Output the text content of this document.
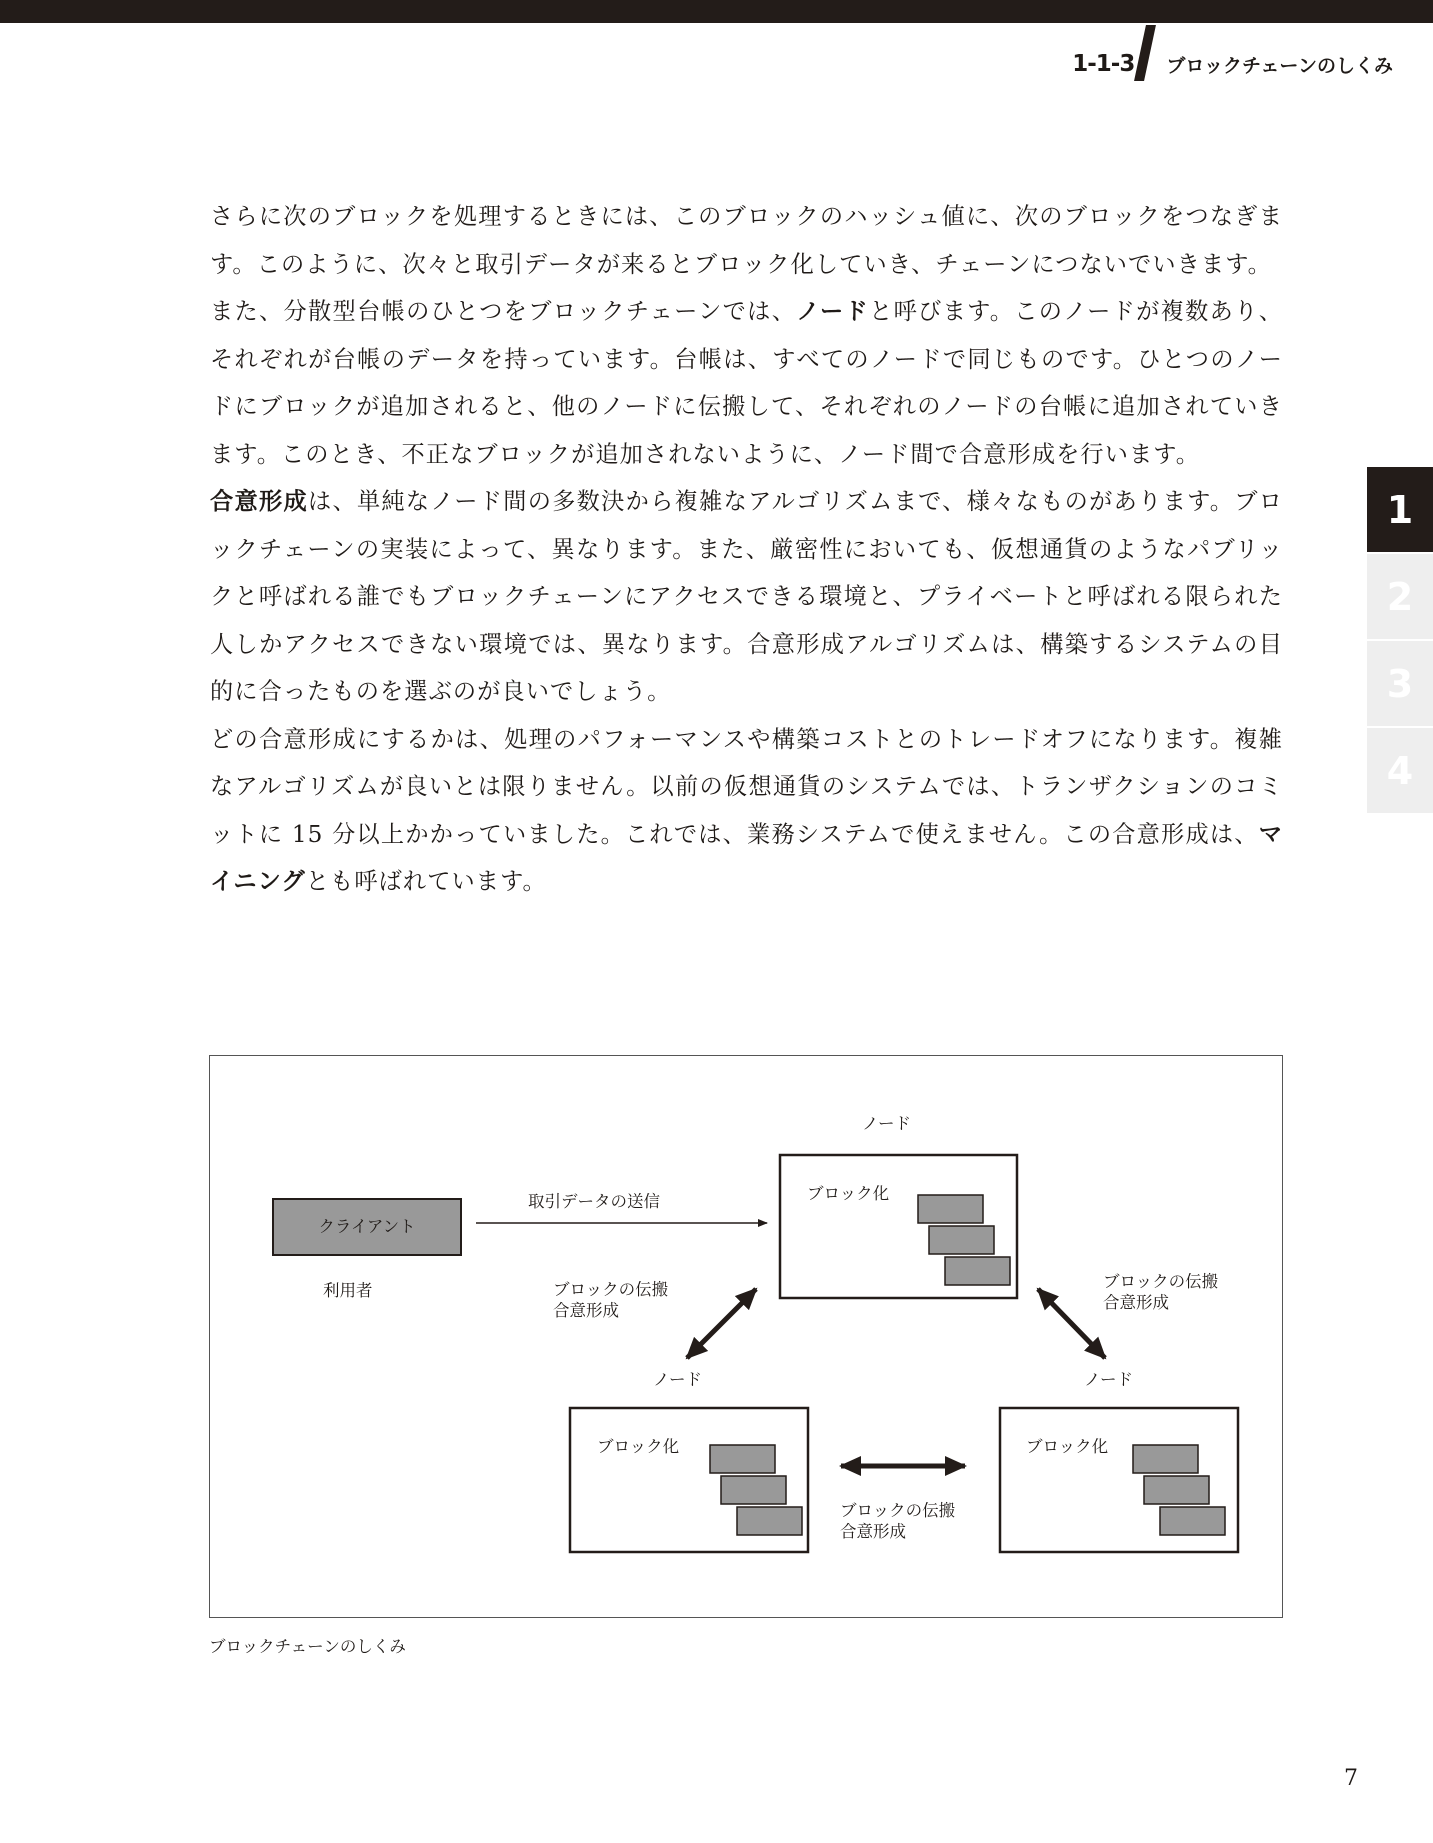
1-1-3 ブロックチェーンのしくみ

さらに次のブロックを処理するときには、このブロックのハッシュ値に、次のブロックをつなぎます。このように、次々と取引データが来るとブロック化していき、チェーンにつないでいきます。

また、分散型台帳のひとつをブロックチェーンでは、ノードと呼びます。このノードが複数あり、それぞれが台帳のデータを持っています。台帳は、すべてのノードで同じものです。ひとつのノードにブロックが追加されると、他のノードに伝搬して、それぞれのノードの台帳に追加されていきます。このとき、不正なブロックが追加されないように、ノード間で合意形成を行います。

合意形成は、単純なノード間の多数決から複雑なアルゴリズムまで、様々なものがあります。ブロックチェーンの実装によって、異なります。また、厳密性においても、仮想通貨のようなパブリックと呼ばれる誰でもブロックチェーンにアクセスできる環境と、プライベートと呼ばれる限られた人しかアクセスできない環境では、異なります。合意形成アルゴリズムは、構築するシステムの目的に合ったものを選ぶのが良いでしょう。

どの合意形成にするかは、処理のパフォーマンスや構築コストとのトレードオフになります。複雑なアルゴリズムが良いとは限りません。以前の仮想通貨のシステムでは、トランザクションのコミットに 15 分以上かかっていました。これでは、業務システムで使えません。この合意形成は、マイニングとも呼ばれています。

1
2
3
4
クライアント
利用者
取引データの送信
ノード
ブロック化
ノード
ブロック化
ノード
ブロック化
ブロックの伝搬
合意形成
ブロックの伝搬
合意形成
ブロックの伝搬
合意形成
ブロックチェーンのしくみ
7
